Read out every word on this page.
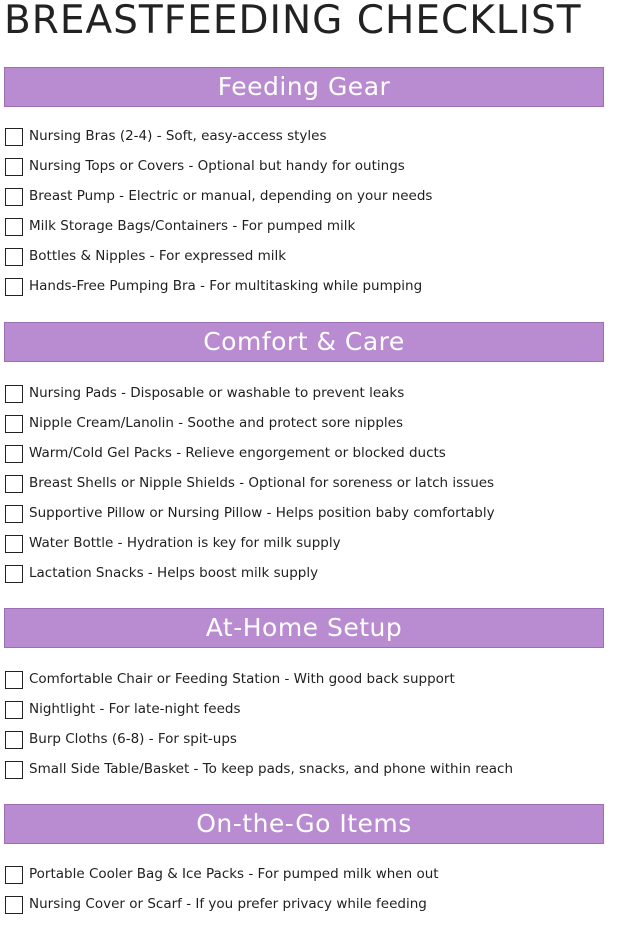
BREASTFEEDING CHECKLIST
Feeding Gear
Nursing Bras (2-4) - Soft, easy-access styles
Nursing Tops or Covers - Optional but handy for outings
Breast Pump - Electric or manual, depending on your needs
Milk Storage Bags/Containers - For pumped milk
Bottles & Nipples - For expressed milk
Hands-Free Pumping Bra - For multitasking while pumping
Comfort & Care
Nursing Pads - Disposable or washable to prevent leaks
Nipple Cream/Lanolin - Soothe and protect sore nipples
Warm/Cold Gel Packs - Relieve engorgement or blocked ducts
Breast Shells or Nipple Shields - Optional for soreness or latch issues
Supportive Pillow or Nursing Pillow - Helps position baby comfortably
Water Bottle - Hydration is key for milk supply
Lactation Snacks - Helps boost milk supply
At-Home Setup
Comfortable Chair or Feeding Station - With good back support
Nightlight - For late-night feeds
Burp Cloths (6-8) - For spit-ups
Small Side Table/Basket - To keep pads, snacks, and phone within reach
On-the-Go Items
Portable Cooler Bag & Ice Packs - For pumped milk when out
Nursing Cover or Scarf - If you prefer privacy while feeding
